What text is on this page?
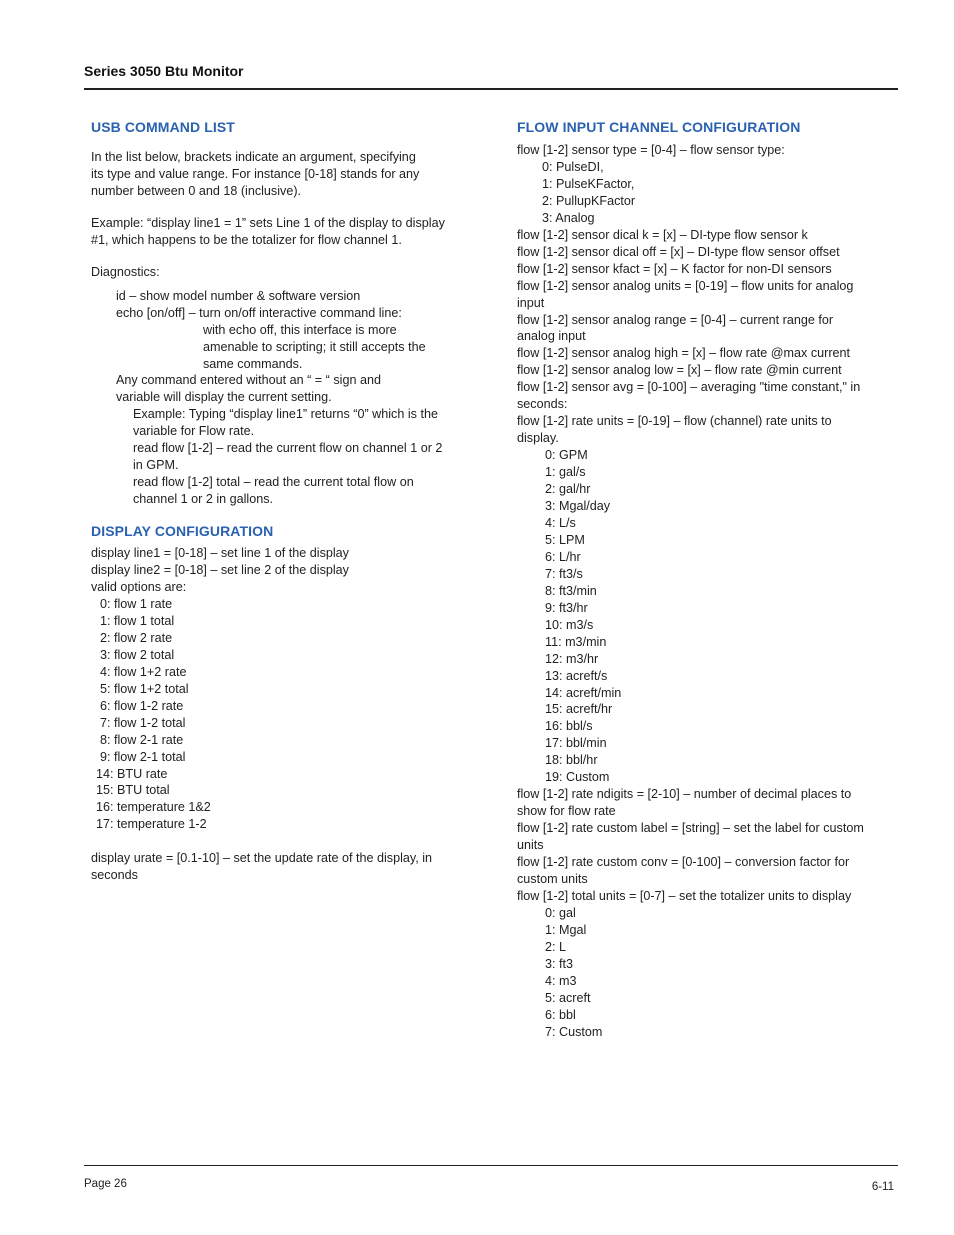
Series 3050 Btu Monitor
USB COMMAND LIST

In the list below, brackets indicate an argument, specifying

its type and value range. For instance [0-18] stands for any

number between 0 and 18 (inclusive).

Example: “display line1 = 1” sets Line 1 of the display to display

#1, which happens to be the totalizer for flow channel 1.

Diagnostics:

id – show model number & software version

echo [on/off] – turn on/off interactive command line:

with echo off, this interface is more

amenable to scripting; it still accepts the

same commands.

Any command entered without an “ = “ sign and

variable will display the current setting.

Example: Typing “display line1” returns “0” which is the

variable for Flow rate.

read flow [1-2] – read the current flow on channel 1 or 2

in GPM.

read flow [1-2] total – read the current total flow on

channel 1 or 2 in gallons.

DISPLAY CONFIGURATION

display line1 = [0-18] – set line 1 of the display

display line2 = [0-18] – set line 2 of the display

valid options are:

0: flow 1 rate

1: flow 1 total

2: flow 2 rate

3: flow 2 total

4: flow 1+2 rate

5: flow 1+2 total

6: flow 1-2 rate

7: flow 1-2 total

8: flow 2-1 rate

9: flow 2-1 total

14: BTU rate

15: BTU total

16: temperature 1&2

17: temperature 1-2

display urate = [0.1-10] – set the update rate of the display, in

seconds

FLOW INPUT CHANNEL CONFIGURATION

flow [1-2] sensor type = [0-4] – flow sensor type:

0: PulseDI,

1: PulseKFactor,

2: PullupKFactor

3: Analog

flow [1-2] sensor dical k = [x] – DI-type flow sensor k

flow [1-2] sensor dical off = [x] – DI-type flow sensor offset

flow [1-2] sensor kfact = [x] – K factor for non-DI sensors

flow [1-2] sensor analog units = [0-19] – flow units for analog

input

flow [1-2] sensor analog range = [0-4] – current range for

analog input

flow [1-2] sensor analog high = [x] – flow rate @max current

flow [1-2] sensor analog low = [x] – flow rate @min current

flow [1-2] sensor avg = [0-100] – averaging "time constant," in

seconds:

flow [1-2] rate units = [0-19] – flow (channel) rate units to

display.

0: GPM

1: gal/s

2: gal/hr

3: Mgal/day

4: L/s

5: LPM

6: L/hr

7: ft3/s

8: ft3/min

9: ft3/hr

10: m3/s

11: m3/min

12: m3/hr

13: acreft/s

14: acreft/min

15: acreft/hr

16: bbl/s

17: bbl/min

18: bbl/hr

19: Custom

flow [1-2] rate ndigits = [2-10] – number of decimal places to

show for flow rate

flow [1-2] rate custom label = [string] – set the label for custom

units

flow [1-2] rate custom conv = [0-100] – conversion factor for

custom units

flow [1-2] total units = [0-7] – set the totalizer units to display

0: gal

1: Mgal

2: L

3: ft3

4: m3

5: acreft

6: bbl

7: Custom

Page 26	6-11
